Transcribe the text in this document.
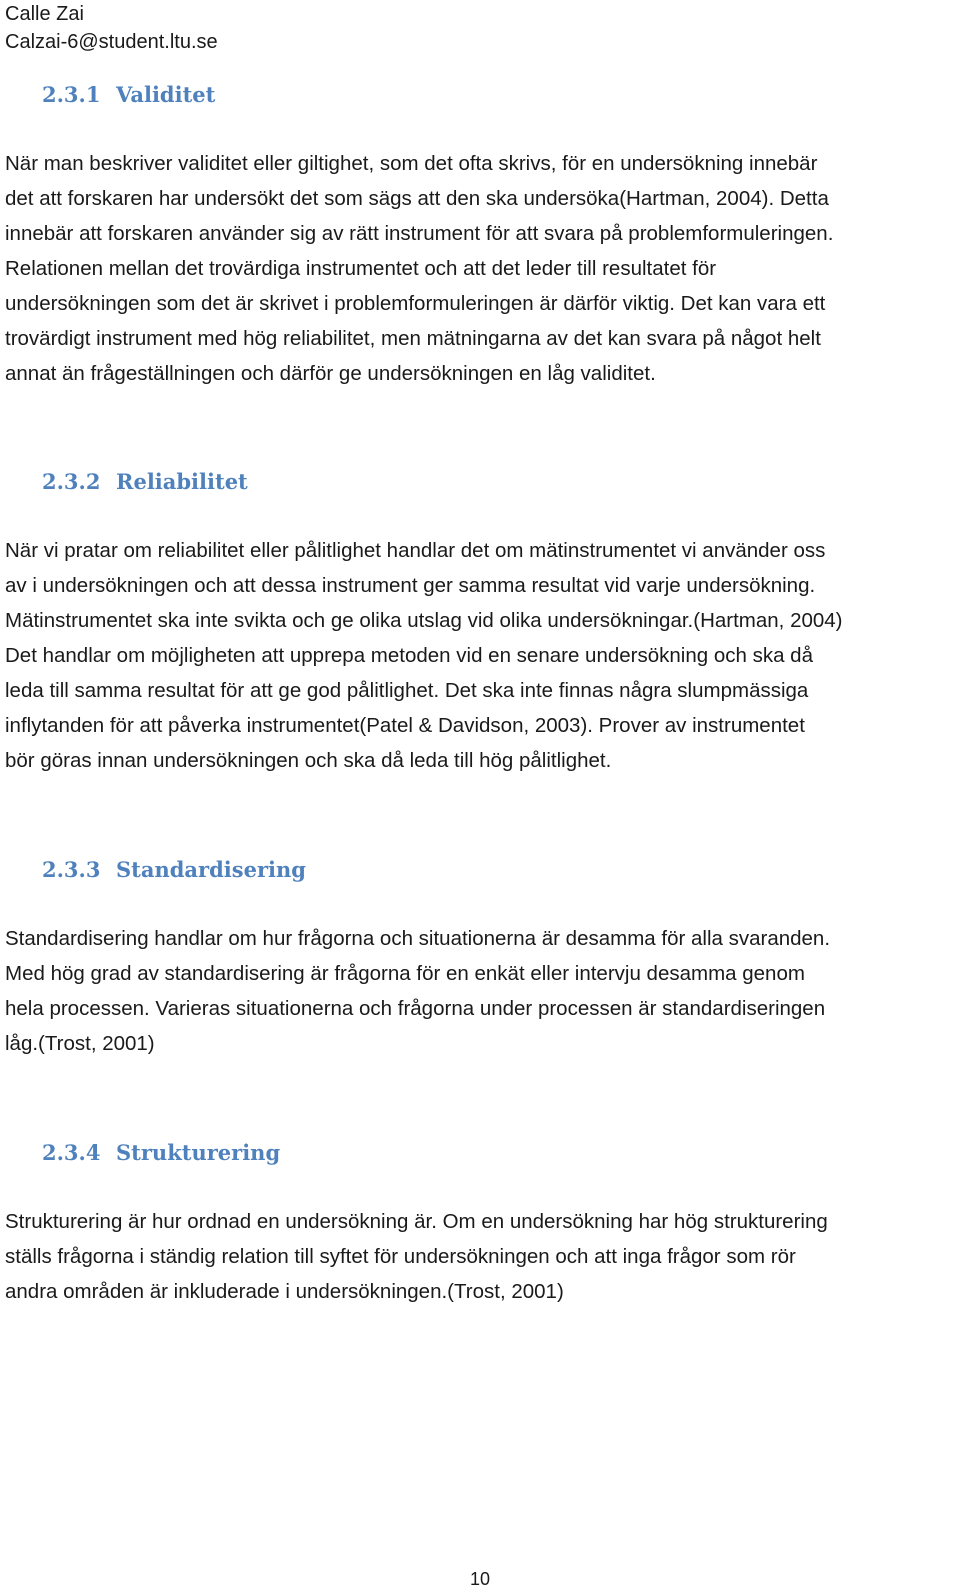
Calle Zai
Calzai-6@student.ltu.se
2.3.1 Validitet

När man beskriver validitet eller giltighet, som det ofta skrivs, för en undersökning innebär
det att forskaren har undersökt det som sägs att den ska undersöka(Hartman, 2004). Detta
innebär att forskaren använder sig av rätt instrument för att svara på problemformuleringen.
Relationen mellan det trovärdiga instrumentet och att det leder till resultatet för
undersökningen som det är skrivet i problemformuleringen är därför viktig. Det kan vara ett
trovärdigt instrument med hög reliabilitet, men mätningarna av det kan svara på något helt
annat än frågeställningen och därför ge undersökningen en låg validitet.

2.3.2 Reliabilitet

När vi pratar om reliabilitet eller pålitlighet handlar det om mätinstrumentet vi använder oss
av i undersökningen och att dessa instrument ger samma resultat vid varje undersökning.
Mätinstrumentet ska inte svikta och ge olika utslag vid olika undersökningar.(Hartman, 2004)
Det handlar om möjligheten att upprepa metoden vid en senare undersökning och ska då
leda till samma resultat för att ge god pålitlighet. Det ska inte finnas några slumpmässiga
inflytanden för att påverka instrumentet(Patel & Davidson, 2003). Prover av instrumentet
bör göras innan undersökningen och ska då leda till hög pålitlighet.

2.3.3 Standardisering

Standardisering handlar om hur frågorna och situationerna är desamma för alla svaranden.
Med hög grad av standardisering är frågorna för en enkät eller intervju desamma genom
hela processen. Varieras situationerna och frågorna under processen är standardiseringen
låg.(Trost, 2001)

2.3.4 Strukturering

Strukturering är hur ordnad en undersökning är. Om en undersökning har hög strukturering
ställs frågorna i ständig relation till syftet för undersökningen och att inga frågor som rör
andra områden är inkluderade i undersökningen.(Trost, 2001)

10
